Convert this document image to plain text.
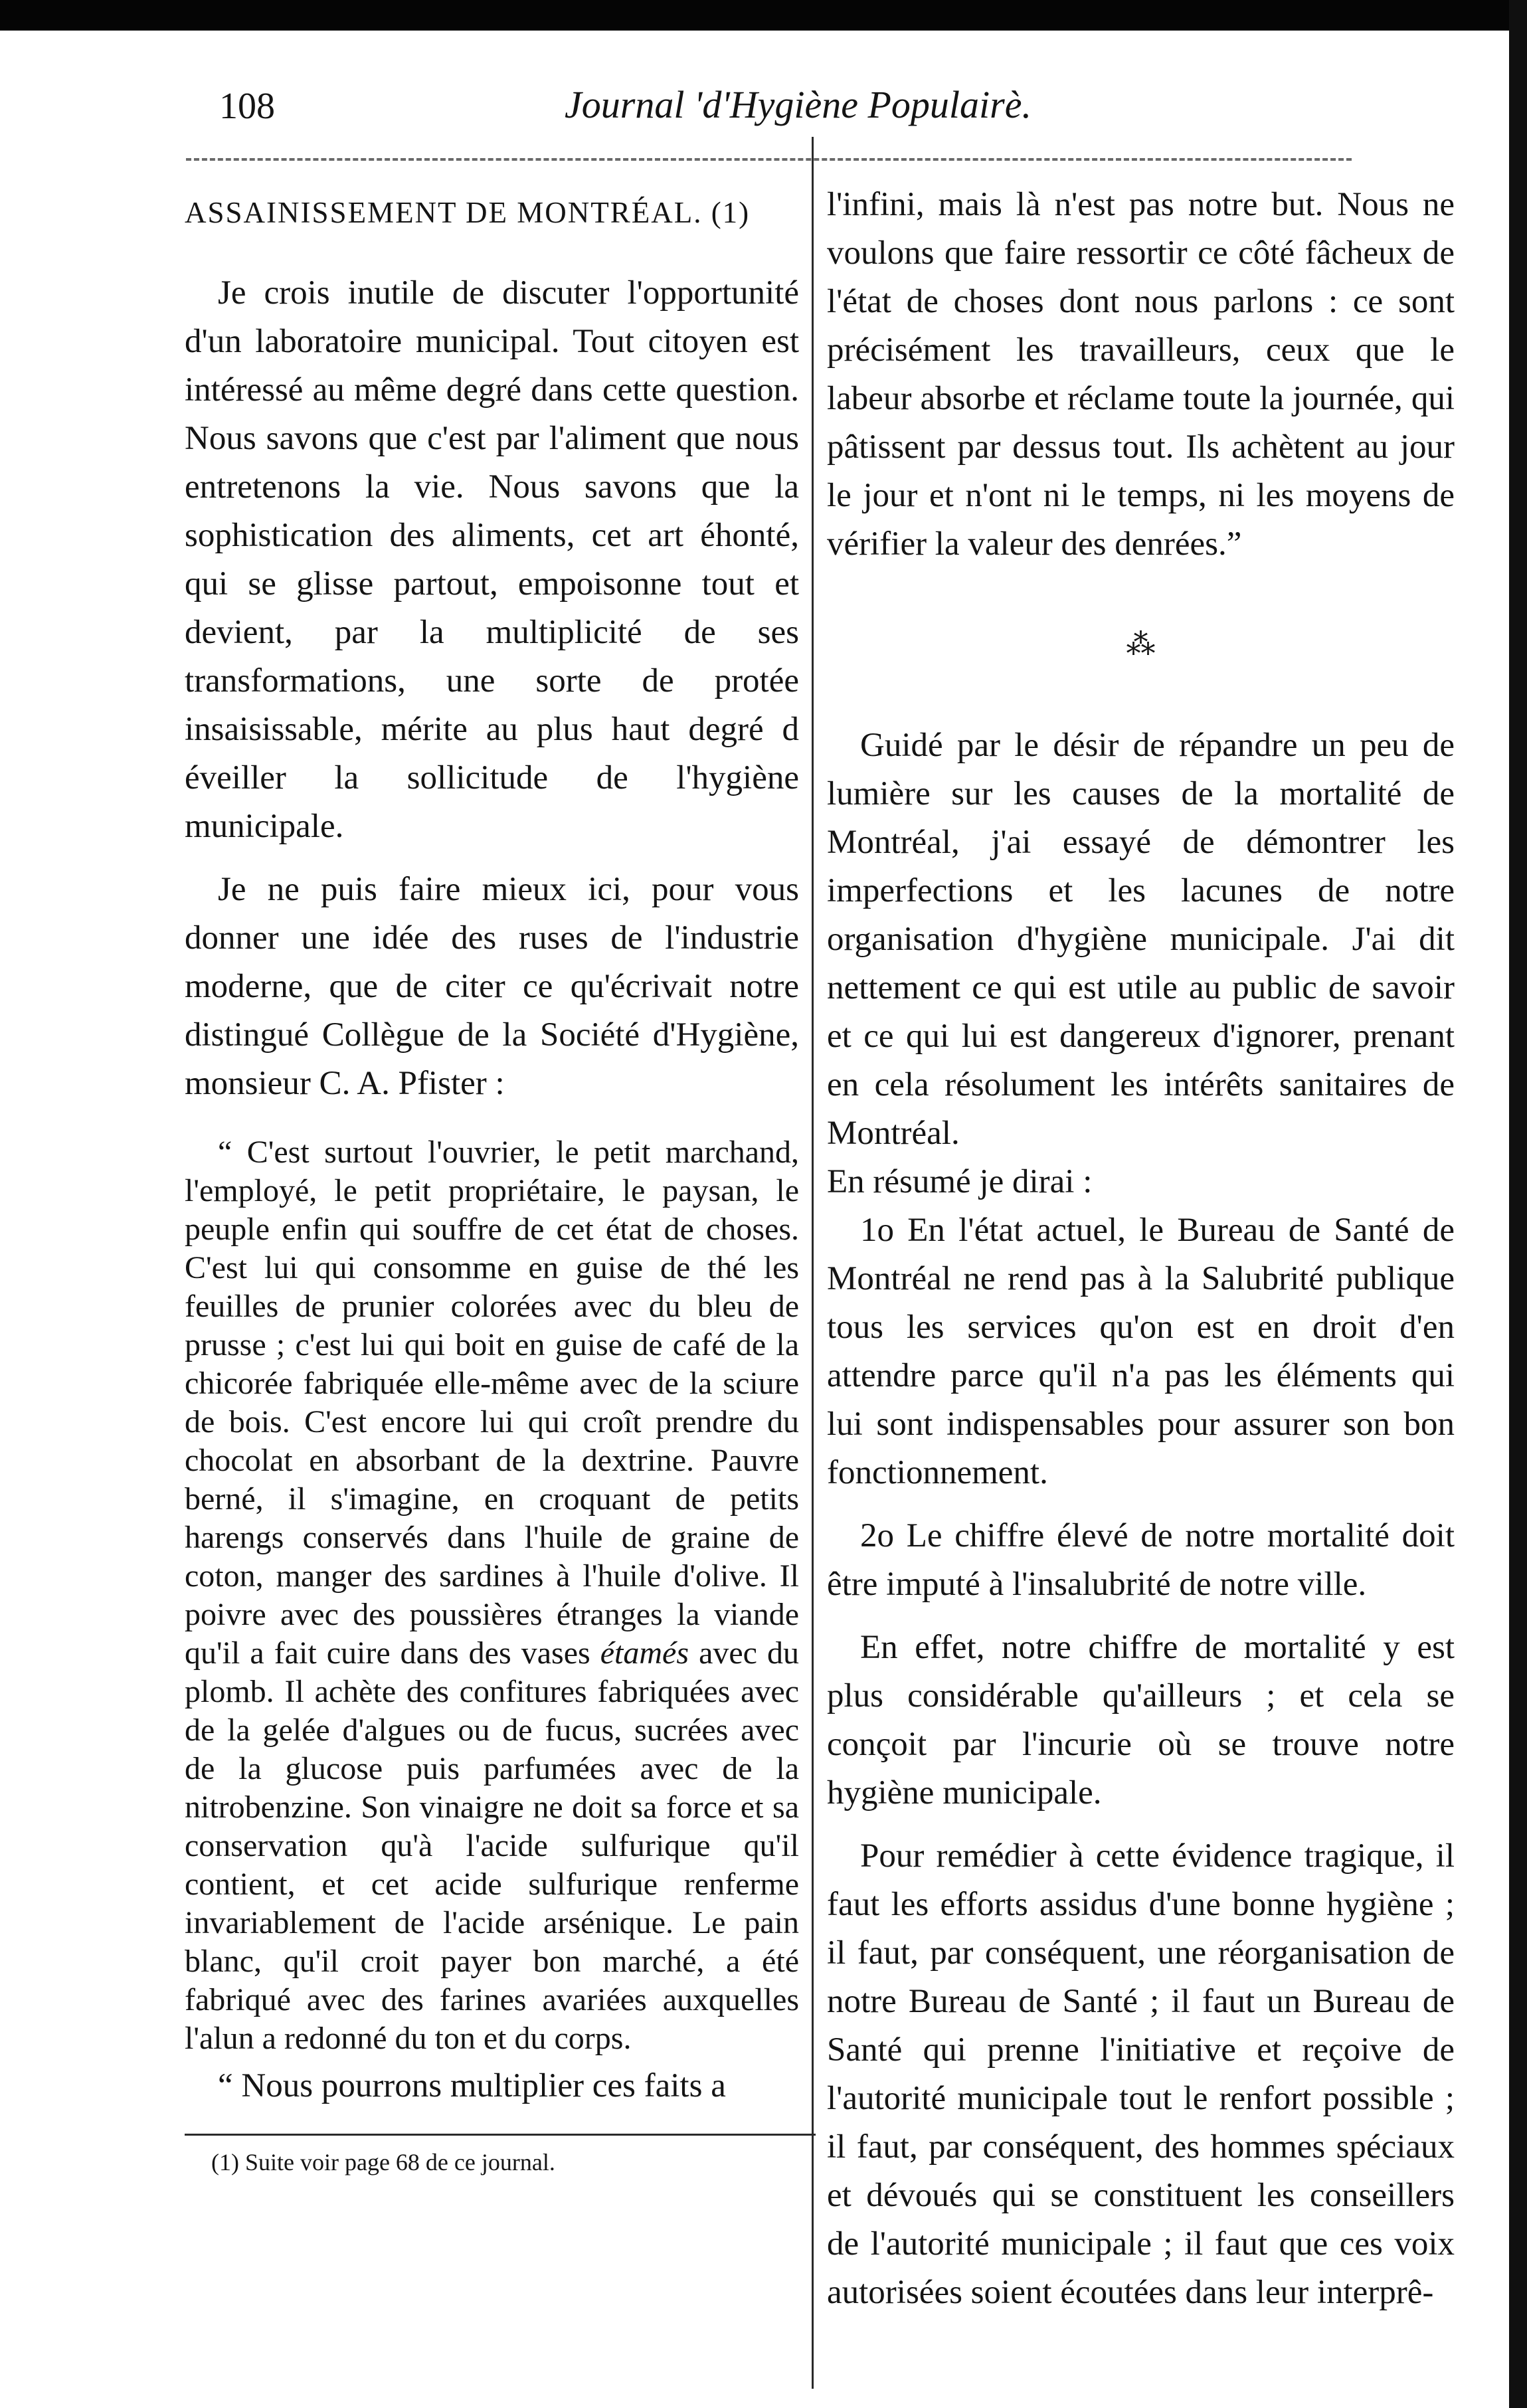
108	Journal 'd'Hygiène Populairè.

ASSAINISSEMENT DE MONTRÉAL. (1)

Je crois inutile de discuter l'opportunité d'un laboratoire municipal. Tout citoyen est intéressé au même degré dans cette question. Nous savons que c'est par l'aliment que nous entretenons la vie. Nous savons que la sophistication des aliments, cet art éhonté, qui se glisse partout, empoisonne tout et devient, par la multiplicité de ses transformations, une sorte de protée insaisissable, mérite au plus haut degré d éveiller la sollicitude de l'hygiène municipale.

Je ne puis faire mieux ici, pour vous donner une idée des ruses de l'industrie moderne, que de citer ce qu'écrivait notre distingué Collègue de la Société d'Hygiène, monsieur C. A. Pfister :

“ C'est surtout l'ouvrier, le petit marchand, l'employé, le petit propriétaire, le paysan, le peuple enfin qui souffre de cet état de choses. C'est lui qui consomme en guise de thé les feuilles de prunier colorées avec du bleu de prusse ; c'est lui qui boit en guise de café de la chicorée fabriquée elle-même avec de la sciure de bois. C'est encore lui qui croît prendre du chocolat en absorbant de la dextrine. Pauvre berné, il s'imagine, en croquant de petits harengs conservés dans l'huile de graine de coton, manger des sardines à l'huile d'olive. Il poivre avec des poussières étranges la viande qu'il a fait cuire dans des vases étamés avec du plomb. Il achète des confitures fabriquées avec de la gelée d'algues ou de fucus, sucrées avec de la glucose puis parfumées avec de la nitrobenzine. Son vinaigre ne doit sa force et sa conservation qu'à l'acide sulfurique qu'il contient, et cet acide sulfurique renferme invariablement de l'acide arsénique. Le pain blanc, qu'il croit payer bon marché, a été fabriqué avec des farines avariées auxquelles l'alun a redonné du ton et du corps.

“ Nous pourrons multiplier ces faits a

(1) Suite voir page 68 de ce journal.

l'infini, mais là n'est pas notre but. Nous ne voulons que faire ressortir ce côté fâcheux de l'état de choses dont nous parlons : ce sont précisément les travailleurs, ceux que le labeur absorbe et réclame toute la journée, qui pâtissent par dessus tout. Ils achètent au jour le jour et n'ont ni le temps, ni les moyens de vérifier la valeur des denrées.”

⁂

Guidé par le désir de répandre un peu de lumière sur les causes de la mortalité de Montréal, j'ai essayé de démontrer les imperfections et les lacunes de notre organisation d'hygiène municipale. J'ai dit nettement ce qui est utile au public de savoir et ce qui lui est dangereux d'ignorer, prenant en cela résolument les intérêts sanitaires de Montréal.

En résumé je dirai :

1o En l'état actuel, le Bureau de Santé de Montréal ne rend pas à la Salubrité publique tous les services qu'on est en droit d'en attendre parce qu'il n'a pas les éléments qui lui sont indispensables pour assurer son bon fonctionnement.

2o Le chiffre élevé de notre mortalité doit être imputé à l'insalubrité de notre ville.

En effet, notre chiffre de mortalité y est plus considérable qu'ailleurs ; et cela se conçoit par l'incurie où se trouve notre hygiène municipale.

Pour remédier à cette évidence tragique, il faut les efforts assidus d'une bonne hygiène ; il faut, par conséquent, une réorganisation de notre Bureau de Santé ; il faut un Bureau de Santé qui prenne l'initiative et reçoive de l'autorité municipale tout le renfort possible ; il faut, par conséquent, des hommes spéciaux et dévoués qui se constituent les conseillers de l'autorité municipale ; il faut que ces voix autorisées soient écoutées dans leur interprê-
